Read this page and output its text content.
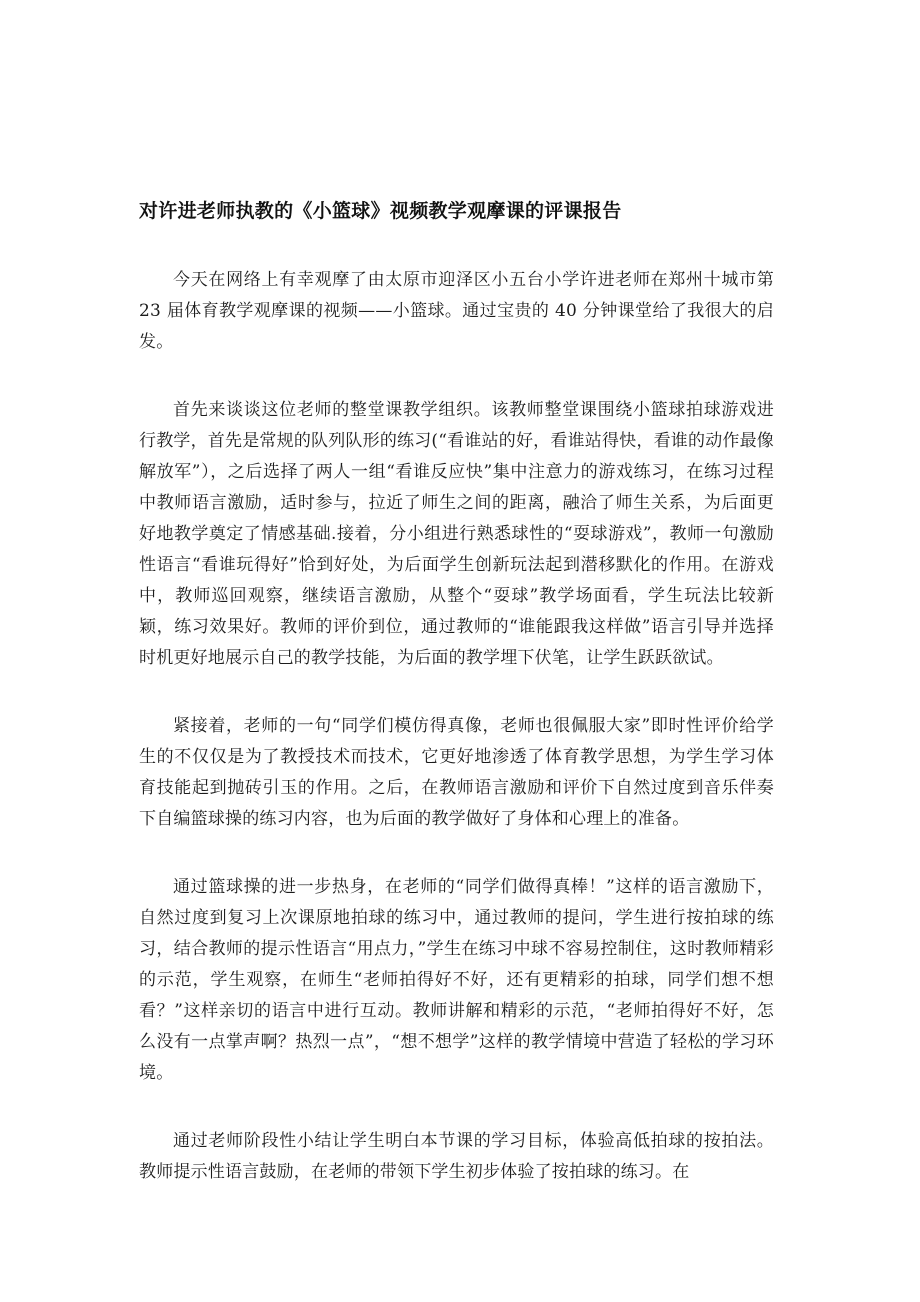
对许进老师执教的《小篮球》视频教学观摩课的评课报告

今天在网络上有幸观摩了由太原市迎泽区小五台小学许进老师在郑州十城市第 23 届体育教学观摩课的视频——小篮球。通过宝贵的 40 分钟课堂给了我很大的启发。

首先来谈谈这位老师的整堂课教学组织。该教师整堂课围绕小篮球拍球游戏进行教学，首先是常规的队列队形的练习(“看谁站的好，看谁站得快，看谁的动作最像解放军”），之后选择了两人一组“看谁反应快”集中注意力的游戏练习，在练习过程中教师语言激励，适时参与，拉近了师生之间的距离，融洽了师生关系，为后面更好地教学奠定了情感基础.接着，分小组进行熟悉球性的“耍球游戏”，教师一句激励性语言“看谁玩得好”恰到好处，为后面学生创新玩法起到潜移默化的作用。在游戏中，教师巡回观察，继续语言激励，从整个“耍球”教学场面看，学生玩法比较新颖，练习效果好。教师的评价到位，通过教师的“谁能跟我这样做”语言引导并选择时机更好地展示自己的教学技能，为后面的教学埋下伏笔，让学生跃跃欲试。

紧接着，老师的一句“同学们模仿得真像，老师也很佩服大家”即时性评价给学生的不仅仅是为了教授技术而技术，它更好地渗透了体育教学思想，为学生学习体育技能起到抛砖引玉的作用。之后，在教师语言激励和评价下自然过度到音乐伴奏下自编篮球操的练习内容，也为后面的教学做好了身体和心理上的准备。

通过篮球操的进一步热身，在老师的“同学们做得真棒！”这样的语言激励下，自然过度到复习上次课原地拍球的练习中，通过教师的提问，学生进行按拍球的练习，结合教师的提示性语言“用点力，”学生在练习中球不容易控制住，这时教师精彩的示范，学生观察，在师生“老师拍得好不好，还有更精彩的拍球，同学们想不想看？”这样亲切的语言中进行互动。教师讲解和精彩的示范，“老师拍得好不好，怎么没有一点掌声啊？热烈一点”，“想不想学”这样的教学情境中营造了轻松的学习环境。

通过老师阶段性小结让学生明白本节课的学习目标，体验高低拍球的按拍法。教师提示性语言鼓励，在老师的带领下学生初步体验了按拍球的练习。在
